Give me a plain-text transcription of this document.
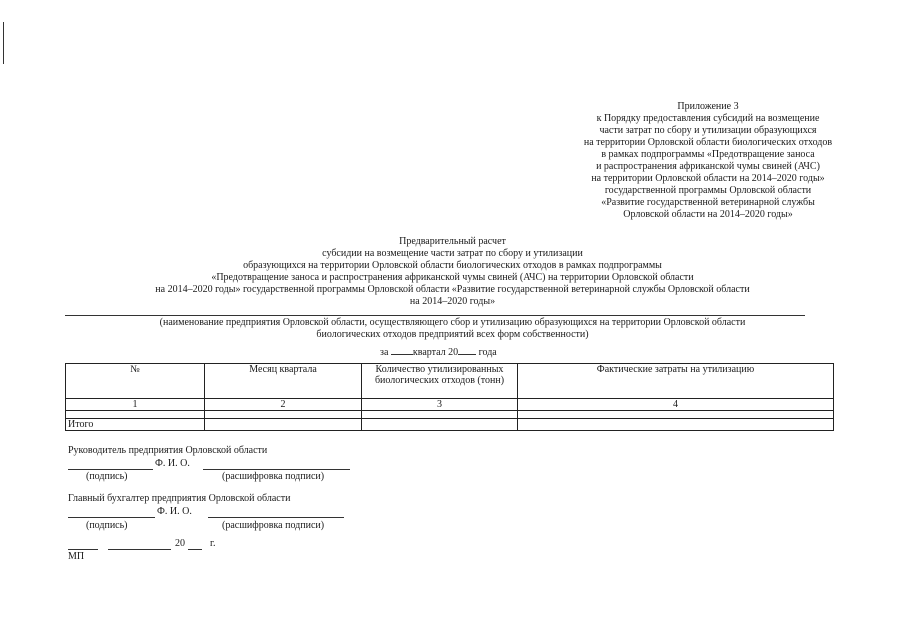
Приложение 3
к Порядку предоставления субсидий на возмещение
части затрат по сбору и утилизации образующихся
на территории Орловской области биологических отходов
в рамках подпрограммы «Предотвращение заноса
и распространения африканской чумы свиней (АЧС)
на территории Орловской области на 2014–2020 годы»
государственной программы Орловской области
«Развитие государственной ветеринарной службы
Орловской области на 2014–2020 годы»
Предварительный расчет
субсидии на возмещение части затрат по сбору и утилизации
образующихся на территории Орловской области биологических отходов в рамках подпрограммы
«Предотвращение заноса и распространения африканской чумы свиней (АЧС) на территории Орловской области
на 2014–2020 годы» государственной программы Орловской области «Развитие государственной ветеринарной службы Орловской области
на 2014–2020 годы»
(наименование предприятия Орловской области, осуществляющего сбор и утилизацию образующихся на территории Орловской области
биологических отходов предприятий всех форм собственности)
за квартал 20 года
№	Месяц квартала	Количество утилизированных биологических отходов (тонн)	Фактические затраты на утилизацию
1	2	3	4

Итого			
Руководитель предприятия Орловской области
Ф. И. О.
(подпись)	(расшифровка подписи)
Главный бухгалтер предприятия Орловской области
Ф. И. О.
(подпись)	(расшифровка подписи)
20	г.
МП
